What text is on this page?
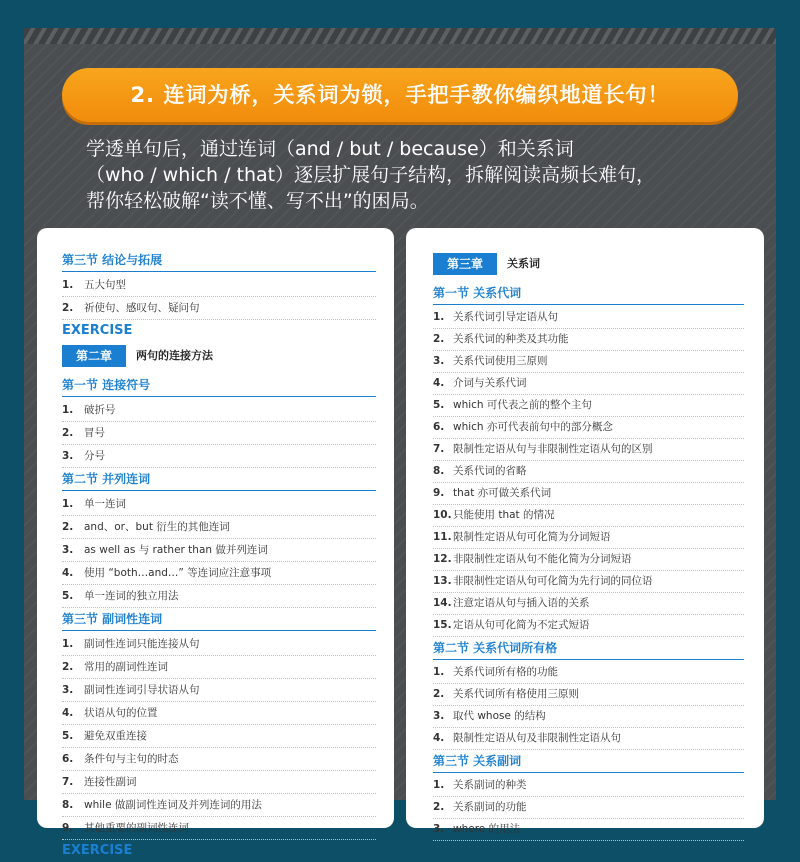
2. 连词为桥，关系词为锁，手把手教你编织地道长句！
学透单句后，通过连词（and / but / because）和关系词
（who / which / that）逐层扩展句子结构，拆解阅读高频长难句，
帮你轻松破解“读不懂、写不出”的困局。
第三节 结论与拓展
1. 五大句型
2. 祈使句、感叹句、疑问句
EXERCISE
第二章 两句的连接方法
第一节 连接符号
1. 破折号
2. 冒号
3. 分号
第二节 并列连词
1. 单一连词
2. and、or、but 衍生的其他连词
3. as well as 与 rather than 做并列连词
4. 使用 “both…and…” 等连词应注意事项
5. 单一连词的独立用法
第三节 副词性连词
1. 副词性连词只能连接从句
2. 常用的副词性连词
3. 副词性连词引导状语从句
4. 状语从句的位置
5. 避免双重连接
6. 条件句与主句的时态
7. 连接性副词
8. while 做副词性连词及并列连词的用法
9. 其他重要的副词性连词
EXERCISE
第三章 关系词
第一节 关系代词
1. 关系代词引导定语从句
2. 关系代词的种类及其功能
3. 关系代词使用三原则
4. 介词与关系代词
5. which 可代表之前的整个主句
6. which 亦可代表前句中的部分概念
7. 限制性定语从句与非限制性定语从句的区别
8. 关系代词的省略
9. that 亦可做关系代词
10.只能使用 that 的情况
11.限制性定语从句可化简为分词短语
12.非限制性定语从句不能化简为分词短语
13.非限制性定语从句可化简为先行词的同位语
14.注意定语从句与插入语的关系
15.定语从句可化简为不定式短语
第二节 关系代词所有格
1. 关系代词所有格的功能
2. 关系代词所有格使用三原则
3. 取代 whose 的结构
4. 限制性定语从句及非限制性定语从句
第三节 关系副词
1. 关系副词的种类
2. 关系副词的功能
3. where 的用法
